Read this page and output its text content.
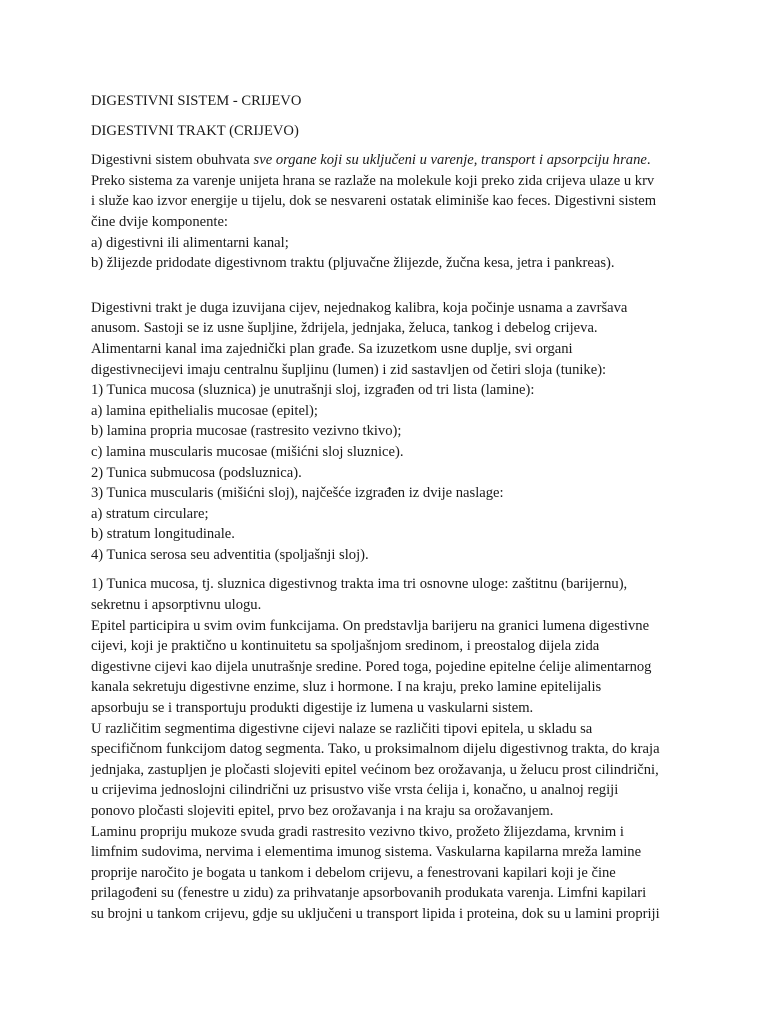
DIGESTIVNI SISTEM - CRIJEVO

DIGESTIVNI TRAKT (CRIJEVO)

Digestivni sistem obuhvata sve organe koji su uključeni u varenje, transport i apsorpciju hrane.
Preko sistema za varenje unijeta hrana se razlaže na molekule koji preko zida crijeva ulaze u krv
i služe kao izvor energije u tijelu, dok se nesvareni ostatak eliminiše kao feces. Digestivni sistem
čine dvije komponente:
a) digestivni ili alimentarni kanal;
b) žlijezde pridodate digestivnom traktu (pljuvačne žlijezde, žučna kesa, jetra i pankreas).

Digestivni trakt je duga izuvijana cijev, nejednakog kalibra, koja počinje usnama a završava
anusom. Sastoji se iz usne šupljine, ždrijela, jednjaka, želuca, tankog i debelog crijeva.
Alimentarni kanal ima zajednički plan građe. Sa izuzetkom usne duplje, svi organi
digestivnecijevi imaju centralnu šupljinu (lumen) i zid sastavljen od četiri sloja (tunike):
1) Tunica mucosa (sluznica) je unutrašnji sloj, izgrađen od tri lista (lamine):
a) lamina epithelialis mucosae (epitel);
b) lamina propria mucosae (rastresito vezivno tkivo);
c) lamina muscularis mucosae (mišićni sloj sluznice).
2) Tunica submucosa (podsluznica).
3) Tunica muscularis (mišićni sloj), najčešće izgrađen iz dvije naslage:
a) stratum circulare;
b) stratum longitudinale.
4) Tunica serosa seu adventitia (spoljašnji sloj).

1) Tunica mucosa, tj. sluznica digestivnog trakta ima tri osnovne uloge: zaštitnu (barijernu),
sekretnu i apsorptivnu ulogu.
Epitel participira u svim ovim funkcijama. On predstavlja barijeru na granici lumena digestivne
cijevi, koji je praktično u kontinuitetu sa spoljašnjom sredinom, i preostalog dijela zida
digestivne cijevi kao dijela unutrašnje sredine. Pored toga, pojedine epitelne ćelije alimentarnog
kanala sekretuju digestivne enzime, sluz i hormone. I na kraju, preko lamine epitelijalis
apsorbuju se i transportuju produkti digestije iz lumena u vaskularni sistem.
U različitim segmentima digestivne cijevi nalaze se različiti tipovi epitela, u skladu sa
specifičnom funkcijom datog segmenta. Tako, u proksimalnom dijelu digestivnog trakta, do kraja
jednjaka, zastupljen je pločasti slojeviti epitel većinom bez orožavanja, u želucu prost cilindrični,
u crijevima jednoslojni cilindrični uz prisustvo više vrsta ćelija i, konačno, u analnoj regiji
ponovo pločasti slojeviti epitel, prvo bez orožavanja i na kraju sa orožavanjem.
Laminu propriju mukoze svuda gradi rastresito vezivno tkivo, prožeto žlijezdama, krvnim i
limfnim sudovima, nervima i elementima imunog sistema. Vaskularna kapilarna mreža lamine
proprije naročito je bogata u tankom i debelom crijevu, a fenestrovani kapilari koji je čine
prilagođeni su (fenestre u zidu) za prihvatanje apsorbovanih produkata varenja. Limfni kapilari
su brojni u tankom crijevu, gdje su uključeni u transport lipida i proteina, dok su u lamini propriji
